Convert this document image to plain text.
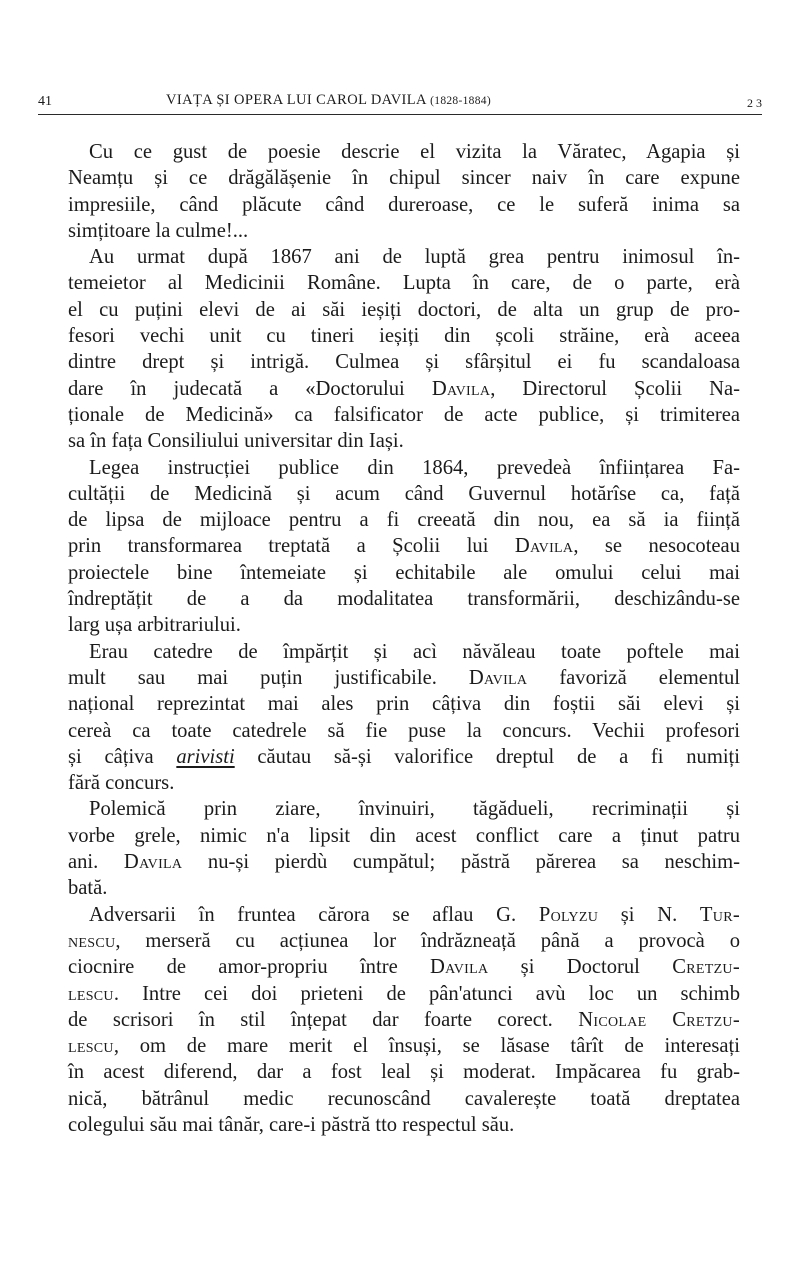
41	VIAȚA ȘI OPERA LUI CAROL DAVILA (1828-1884)	2 3
Cu ce gust de poesie descrie el vizita la Văratec, Agapia și
Neamțu și ce drăgălășenie în chipul sincer naiv în care expune
impresiile, când plăcute când dureroase, ce le suferă inima sa
simțitoare la culme!...
Au urmat după 1867 ani de luptă grea pentru inimosul în-
temeietor al Medicinii Române. Lupta în care, de o parte, erà
el cu puțini elevi de ai săi ieșiți doctori, de alta un grup de pro-
fesori vechi unit cu tineri ieșiți din școli străine, erà aceea
dintre drept și intrigă. Culmea și sfârșitul ei fu scandaloasa
dare în judecată a «Doctorului Davila, Directorul Școlii Na-
ționale de Medicină» ca falsificator de acte publice, și trimiterea
sa în fața Consiliului universitar din Iași.
Legea instrucției publice din 1864, prevedeà înființarea Fa-
cultății de Medicină și acum când Guvernul hotărîse ca, față
de lipsa de mijloace pentru a fi creeată din nou, ea să ia ființă
prin transformarea treptată a Școlii lui Davila, se nesocoteau
proiectele bine întemeiate și echitabile ale omului celui mai
îndreptățit de a da modalitatea transformării, deschizându-se
larg ușa arbitrariului.
Erau catedre de împărțit și acì năvăleau toate poftele mai
mult sau mai puțin justificabile. Davila favoriză elementul
național reprezintat mai ales prin câțiva din foștii săi elevi și
cereà ca toate catedrele să fie puse la concurs. Vechii profesori
și câțiva arivisti căutau să-și valorifice dreptul de a fi numiți
fără concurs.
Polemică prin ziare, învinuiri, tăgădueli, recriminații și
vorbe grele, nimic n'a lipsit din acest conflict care a ținut patru
ani. Davila nu-și pierdù cumpătul; păstră părerea sa neschim-
bată.
Adversarii în fruntea cărora se aflau G. Polyzu și N. Tur-
nescu, merseră cu acțiunea lor îndrăzneață până a provocà o
ciocnire de amor-propriu între Davila și Doctorul Cretzu-
lescu. Intre cei doi prieteni de pân'atunci avù loc un schimb
de scrisori în stil înțepat dar foarte corect. Nicolae Cretzu-
lescu, om de mare merit el însuși, se lăsase târît de interesați
în acest diferend, dar a fost leal și moderat. Impăcarea fu grab-
nică, bătrânul medic recunoscând cavalerește toată dreptatea
colegului său mai tânăr, care-i păstră tto respectul său.
